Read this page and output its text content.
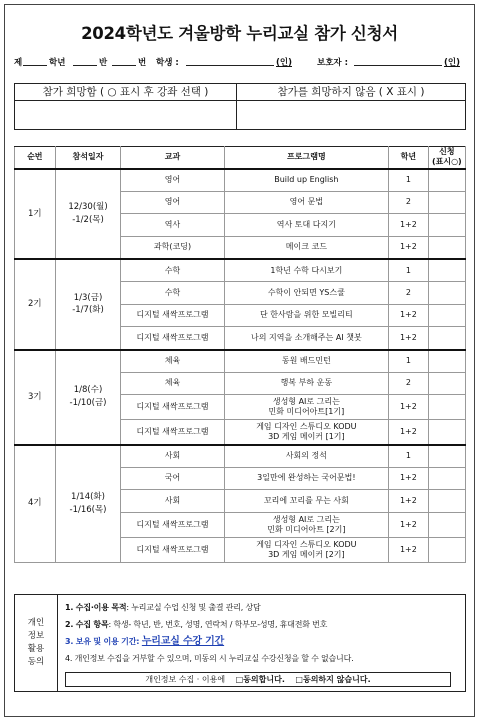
2024학년도 겨울방학 누리교실 참가 신청서
제	학년	반	번 학생 :	(인)	보호자 :	(인)
참가 희망함 ( ○ 표시 후 강좌 선택 )	참가를 희망하지 않음 ( X 표시 )
순번	참석일자	교과	프로그램명	학년	신청
(표시○)
1기	12/30(월)
-1/2(목)	영어	Build up English	1	
		영어	영어 문법	2	
		역사	역사 토대 다지기	1+2	
		과학(코딩)	메이크 코드	1+2	
2기	1/3(금)
-1/7(화)	수학	1학년 수학 다시보기	1	
		수학	수학이 안되면 YS스쿨	2	
		디지털 새싹프로그램	단 한사람을 위한 모빌리티	1+2	
		디지털 새싹프로그램	나의 지역을 소개해주는 AI 챗봇	1+2	
3기	1/8(수)
-1/10(금)	체육	동원 배드민턴	1	
		체육	행복 부하 운동	2	
		디지털 새싹프로그램	생성형 AI로 그리는
민화 미디어아트[1기]	1+2	
		디지털 새싹프로그램	게임 디자인 스튜디오 KODU
3D 게임 메이커 [1기]	1+2	
4기	1/14(화)
-1/16(목)	사회	사회의 정석	1	
		국어	3일만에 완성하는 국어문법!	1+2	
		사회	꼬리에 꼬리를 무는 사회	1+2	
		디지털 새싹프로그램	생성형 AI로 그리는
민화 미디어아트 [2기]	1+2	
		디지털 새싹프로그램	게임 디자인 스튜디오 KODU
3D 게임 메이커 [2기]	1+2	
개인
정보
활용
동의
1. 수집·이용 목적: 누리교실 수업 신청 및 출결 관리, 상담
2. 수집 항목: 학생- 학년, 반, 번호, 성명, 연락처 / 학부모-성명, 휴대전화 번호
3. 보유 및 이용 기간: 누리교실 수강 기간
4. 개인정보 수집을 거부할 수 있으며, 미동의 시 누리교실 수강신청을 할 수 없습니다.
개인정보 수집 · 이용에 □동의합니다. □동의하지 않습니다.
